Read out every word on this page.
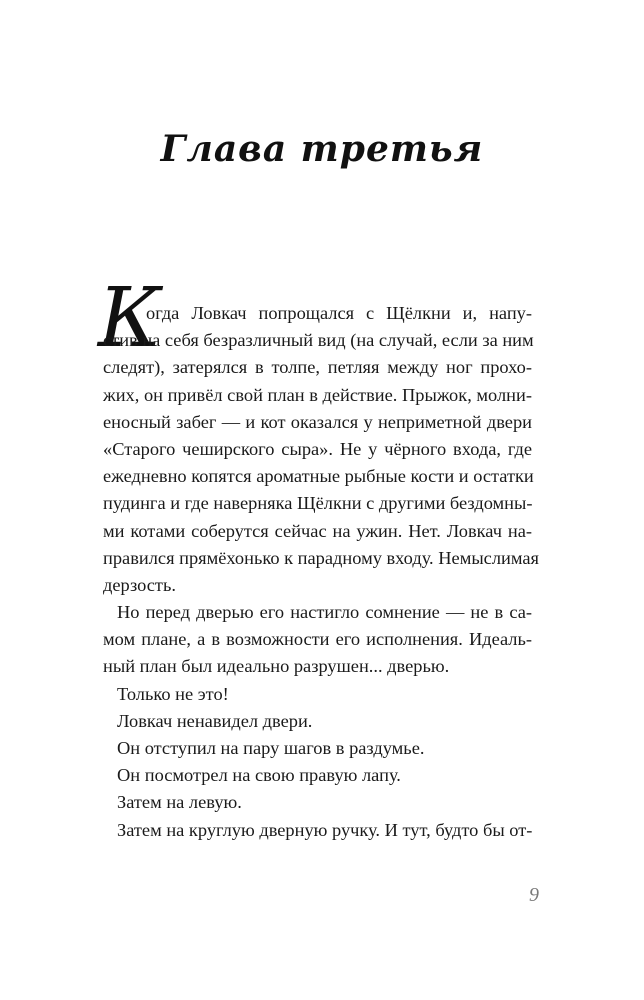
Глава третья
К
огда Ловкач попрощался с Щёлкни и, напу-
стив на себя безразличный вид (на случай, если за ним
следят), затерялся в толпе, петляя между ног прохо-
жих, он привёл свой план в действие. Прыжок, молни-
еносный забег — и кот оказался у неприметной двери
«Старого чеширского сыра». Не у чёрного входа, где
ежедневно копятся ароматные рыбные кости и остатки
пудинга и где наверняка Щёлкни с другими бездомны-
ми котами соберутся сейчас на ужин. Нет. Ловкач на-
правился прямёхонько к парадному входу. Немыслимая
дерзость.
Но перед дверью его настигло сомнение — не в са-
мом плане, а в возможности его исполнения. Идеаль-
ный план был идеально разрушен... дверью.
Только не это!
Ловкач ненавидел двери.
Он отступил на пару шагов в раздумье.
Он посмотрел на свою правую лапу.
Затем на левую.
Затем на круглую дверную ручку. И тут, будто бы от-
9
